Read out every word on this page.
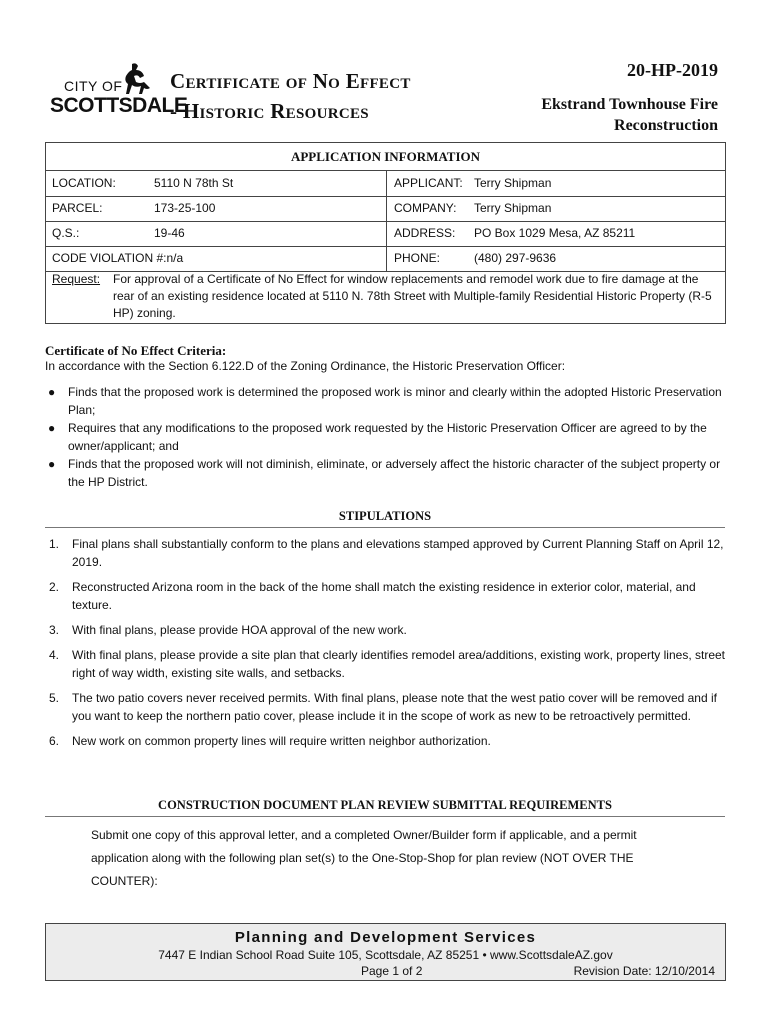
CITY OF
SCOTTSDALE
Certificate of No Effect
- Historic Resources
20-HP-2019
Ekstrand Townhouse Fire Reconstruction
APPLICATION INFORMATION
LOCATION:	5110 N 78th St	APPLICANT: Terry Shipman
PARCEL:	173-25-100	COMPANY: Terry Shipman
Q.S.:	19-46	ADDRESS: PO Box 1029 Mesa, AZ 85211
CODE VIOLATION #:n/a	PHONE:	(480) 297-9636
Request: For approval of a Certificate of No Effect for window replacements and remodel work due to fire damage at the rear of an existing residence located at 5110 N. 78th Street with Multiple-family Residential Historic Property (R-5 HP) zoning.
Certificate of No Effect Criteria:
In accordance with the Section 6.122.D of the Zoning Ordinance, the Historic Preservation Officer:
● Finds that the proposed work is determined the proposed work is minor and clearly within the adopted Historic Preservation Plan;
● Requires that any modifications to the proposed work requested by the Historic Preservation Officer are agreed to by the owner/applicant; and
● Finds that the proposed work will not diminish, eliminate, or adversely affect the historic character of the subject property or the HP District.
STIPULATIONS
1. Final plans shall substantially conform to the plans and elevations stamped approved by Current Planning Staff on April 12, 2019.
2. Reconstructed Arizona room in the back of the home shall match the existing residence in exterior color, material, and texture.
3. With final plans, please provide HOA approval of the new work.
4. With final plans, please provide a site plan that clearly identifies remodel area/additions, existing work, property lines, street right of way width, existing site walls, and setbacks.
5. The two patio covers never received permits. With final plans, please note that the west patio cover will be removed and if you want to keep the northern patio cover, please include it in the scope of work as new to be retroactively permitted.
6. New work on common property lines will require written neighbor authorization.
CONSTRUCTION DOCUMENT PLAN REVIEW SUBMITTAL REQUIREMENTS
Submit one copy of this approval letter, and a completed Owner/Builder form if applicable, and a permit application along with the following plan set(s) to the One-Stop-Shop for plan review (NOT OVER THE COUNTER):
Planning and Development Services
7447 E Indian School Road Suite 105, Scottsdale, AZ 85251 • www.ScottsdaleAZ.gov
Page 1 of 2	Revision Date: 12/10/2014
